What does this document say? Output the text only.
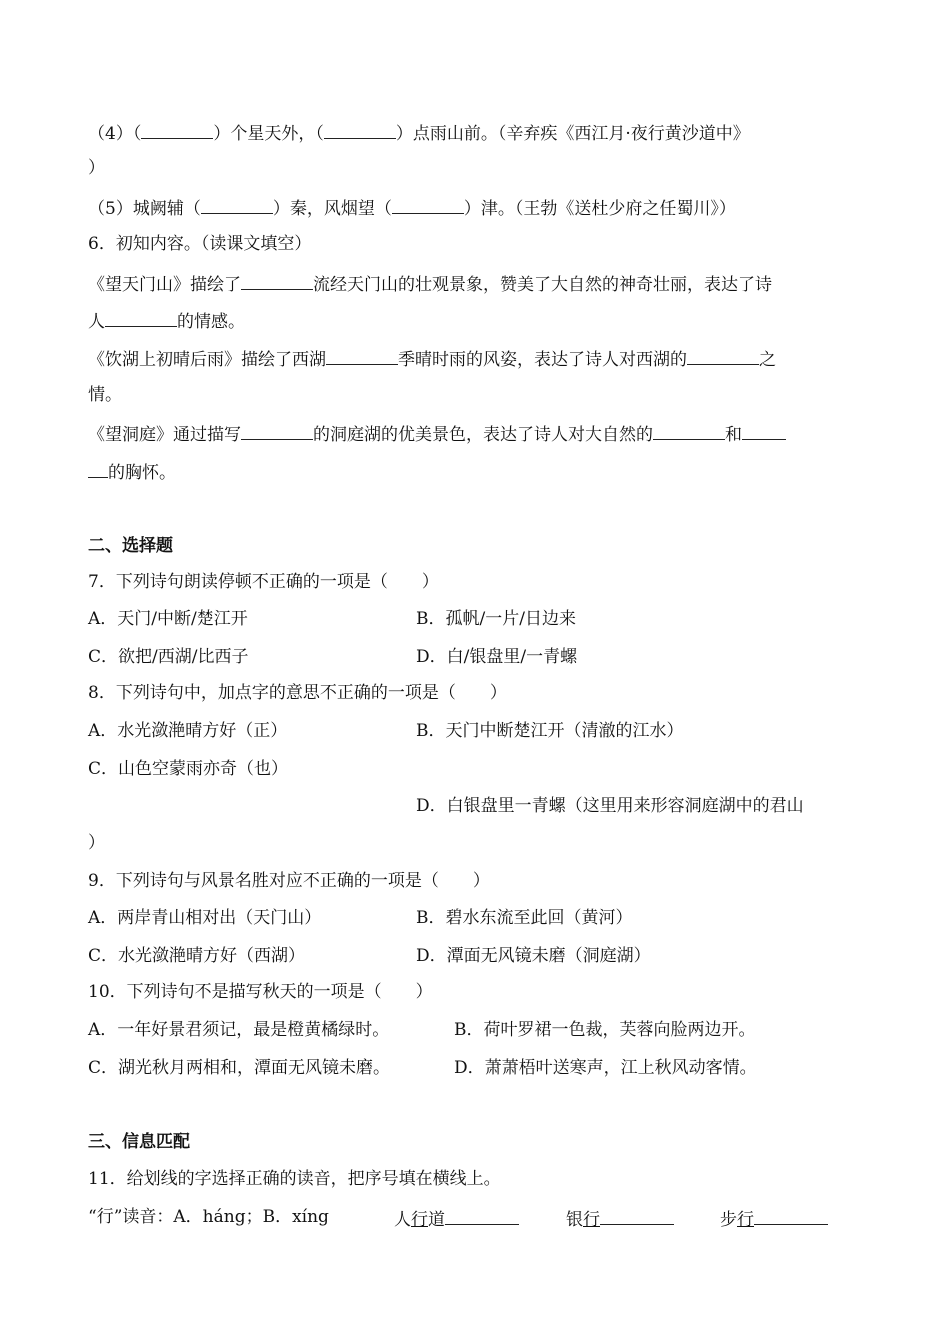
（4）（	）个星天外，（	）点雨山前。（辛弃疾《西江月·夜行黄沙道中》
）
（5）城阙辅（	）秦，风烟望（	）津。（王勃《送杜少府之任蜀川》）
6．初知内容。（读课文填空）
《望天门山》描绘了	流经天门山的壮观景象，赞美了大自然的神奇壮丽，表达了诗
人	的情感。
《饮湖上初晴后雨》描绘了西湖	季晴时雨的风姿，表达了诗人对西湖的	之
情。
《望洞庭》通过描写	的洞庭湖的优美景色，表达了诗人对大自然的	和
的胸怀。
二、选择题
7．下列诗句朗读停顿不正确的一项是（　　）
A．天门/中断/楚江开	B．孤帆/一片/日边来
C．欲把/西湖/比西子	D．白/银盘里/一青螺
8．下列诗句中，加点字的意思不正确的一项是（　　）
A．水光潋滟晴方好（正）	B．天门中断楚江开（清澈的江水）
C．山色空蒙雨亦奇（也）
D．白银盘里一青螺（这里用来形容洞庭湖中的君山
）
9．下列诗句与风景名胜对应不正确的一项是（　　）
A．两岸青山相对出（天门山）	B．碧水东流至此回（黄河）
C．水光潋滟晴方好（西湖）	D．潭面无风镜未磨（洞庭湖）
10．下列诗句不是描写秋天的一项是（　　）
A．一年好景君须记，最是橙黄橘绿时。	B．荷叶罗裙一色裁，芙蓉向脸两边开。
C．湖光秋月两相和，潭面无风镜未磨。	D．萧萧梧叶送寒声，江上秋风动客情。
三、信息匹配
11．给划线的字选择正确的读音，把序号填在横线上。
“行”读音：A．háng；B．xíng	人行道	银行	步行
